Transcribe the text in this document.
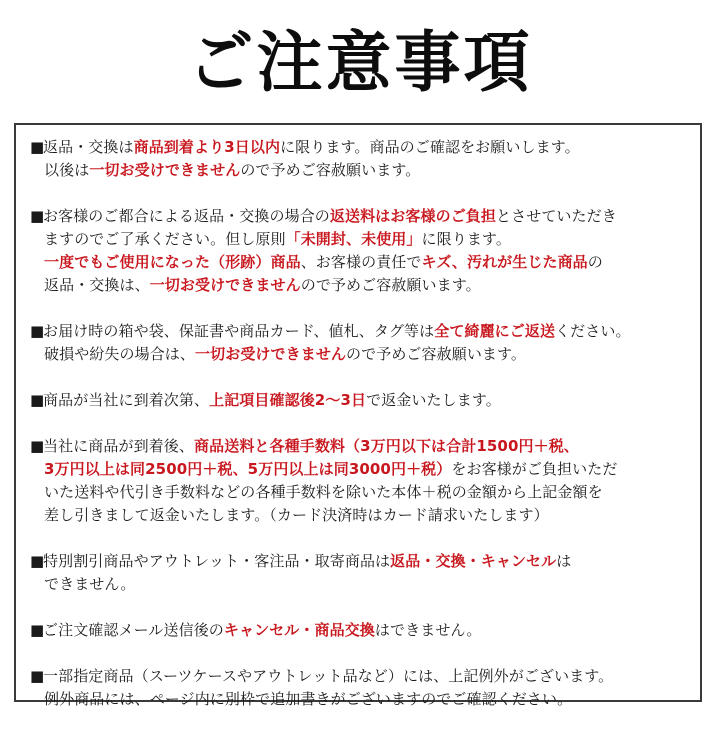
ご注意事項
■返品・交換は商品到着より3日以内に限ります。商品のご確認をお願いします。
以後は一切お受けできませんので予めご容赦願います。
■お客様のご都合による返品・交換の場合の返送料はお客様のご負担とさせていただき
ますのでご了承ください。但し原則「未開封、未使用」に限ります。
一度でもご使用になった（形跡）商品、お客様の責任でキズ、汚れが生じた商品の
返品・交換は、一切お受けできませんので予めご容赦願います。
■お届け時の箱や袋、保証書や商品カード、値札、タグ等は全て綺麗にご返送ください。
破損や紛失の場合は、一切お受けできませんので予めご容赦願います。
■商品が当社に到着次第、上記項目確認後2〜3日で返金いたします。
■当社に商品が到着後、商品送料と各種手数料（3万円以下は合計1500円＋税、
3万円以上は同2500円＋税、5万円以上は同3000円＋税）をお客様がご負担いただ
いた送料や代引き手数料などの各種手数料を除いた本体＋税の金額から上記金額を
差し引きまして返金いたします。（カード決済時はカード請求いたします）
■特別割引商品やアウトレット・客注品・取寄商品は返品・交換・キャンセルは
できません。
■ご注文確認メール送信後のキャンセル・商品交換はできません。
■一部指定商品（スーツケースやアウトレット品など）には、上記例外がございます。
例外商品には、ページ内に別枠で追加書きがございますのでご確認ください。
